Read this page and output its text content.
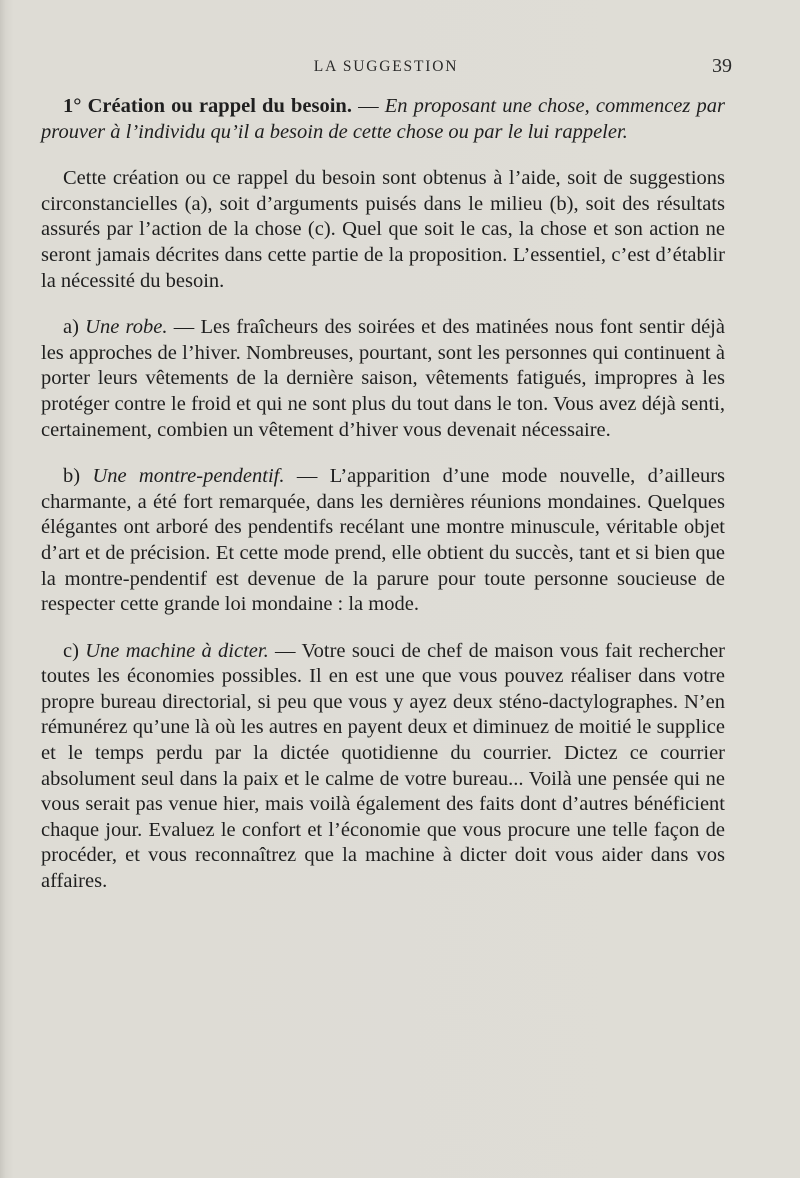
LA SUGGESTION	39

1° Création ou rappel du besoin. — En proposant une chose, commencez par prouver à l’individu qu’il a besoin de cette chose ou par le lui rappeler.

Cette création ou ce rappel du besoin sont obtenus à l’aide, soit de suggestions circonstancielles (a), soit d’arguments puisés dans le milieu (b), soit des résultats assurés par l’action de la chose (c). Quel que soit le cas, la chose et son action ne seront jamais décrites dans cette partie de la proposition. L’essentiel, c’est d’établir la nécessité du besoin.

a) Une robe. — Les fraîcheurs des soirées et des matinées nous font sentir déjà les approches de l’hiver. Nombreuses, pourtant, sont les personnes qui continuent à porter leurs vêtements de la dernière saison, vêtements fatigués, impropres à les protéger contre le froid et qui ne sont plus du tout dans le ton. Vous avez déjà senti, certainement, combien un vêtement d’hiver vous devenait nécessaire.

b) Une montre-pendentif. — L’apparition d’une mode nouvelle, d’ailleurs charmante, a été fort remarquée, dans les dernières réunions mondaines. Quelques élégantes ont arboré des pendentifs recélant une montre minuscule, véritable objet d’art et de précision. Et cette mode prend, elle obtient du succès, tant et si bien que la montre-pendentif est devenue de la parure pour toute personne soucieuse de respecter cette grande loi mondaine : la mode.

c) Une machine à dicter. — Votre souci de chef de maison vous fait rechercher toutes les économies possibles. Il en est une que vous pouvez réaliser dans votre propre bureau directorial, si peu que vous y ayez deux sténo-dactylographes. N’en rémunérez qu’une là où les autres en payent deux et diminuez de moitié le supplice et le temps perdu par la dictée quotidienne du courrier. Dictez ce courrier absolument seul dans la paix et le calme de votre bureau... Voilà une pensée qui ne vous serait pas venue hier, mais voilà également des faits dont d’autres bénéficient chaque jour. Evaluez le confort et l’économie que vous procure une telle façon de procéder, et vous reconnaîtrez que la machine à dicter doit vous aider dans vos affaires.
